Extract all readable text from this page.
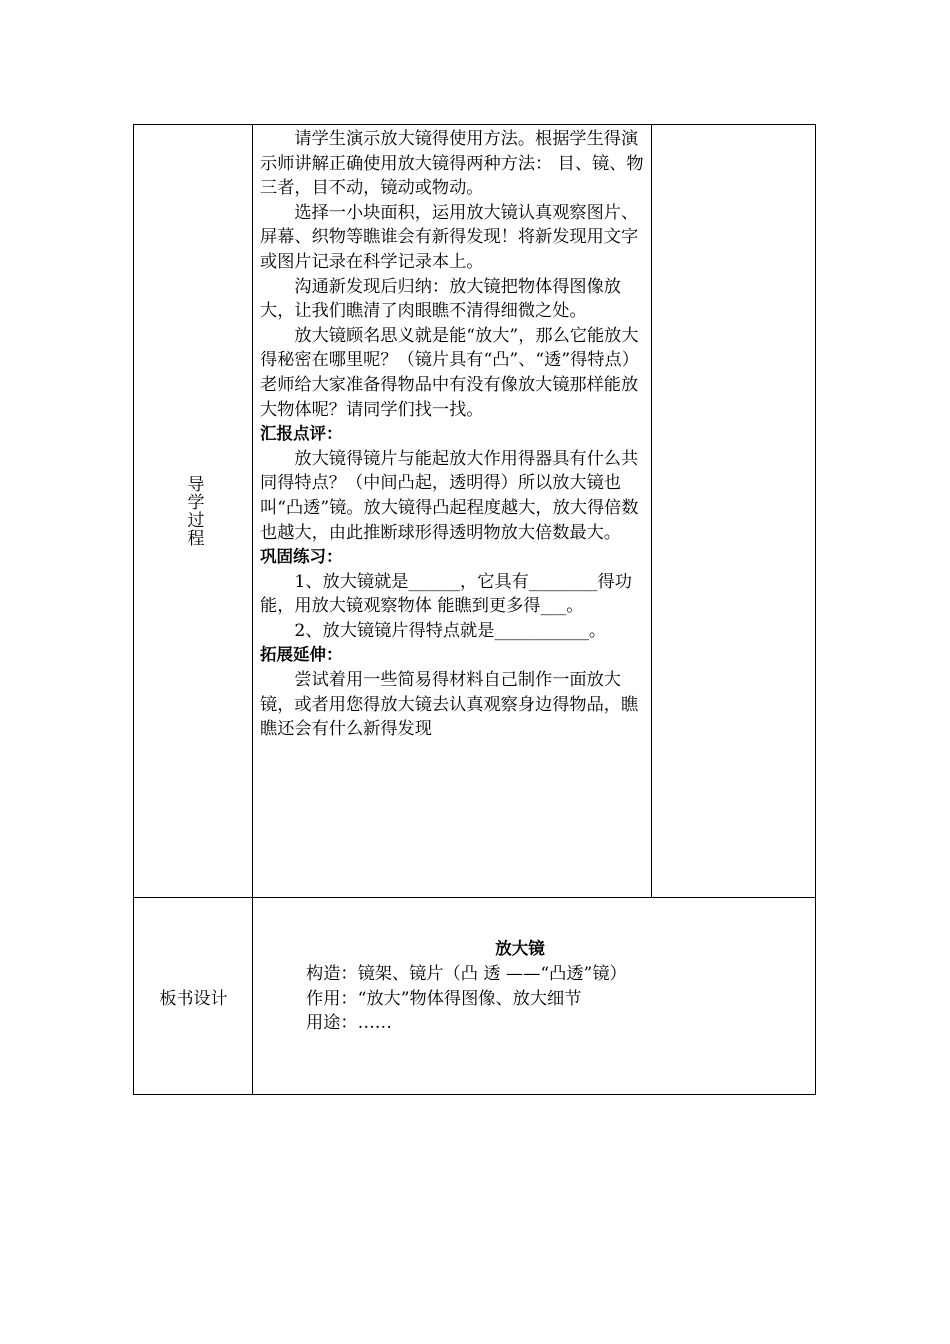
导学过程

请学生演示放大镜得使用方法。根据学生得演示师讲解正确使用放大镜得两种方法： 目、镜、物三者，目不动，镜动或物动。

选择一小块面积，运用放大镜认真观察图片、屏幕、织物等瞧谁会有新得发现！将新发现用文字或图片记录在科学记录本上。

沟通新发现后归纳：放大镜把物体得图像放大，让我们瞧清了肉眼瞧不清得细微之处。

放大镜顾名思义就是能“放大”，那么它能放大得秘密在哪里呢？（镜片具有“凸”、“透”得特点）老师给大家准备得物品中有没有像放大镜那样能放大物体呢？请同学们找一找。

汇报点评：

放大镜得镜片与能起放大作用得器具有什么共同得特点？（中间凸起，透明得）所以放大镜也叫“凸透”镜。放大镜得凸起程度越大，放大得倍数也越大，由此推断球形得透明物放大倍数最大。

巩固练习：

1、放大镜就是______，它具有________得功能，用放大镜观察物体 能瞧到更多得___。

2、放大镜镜片得特点就是___________。

拓展延伸：

尝试着用一些简易得材料自己制作一面放大镜，或者用您得放大镜去认真观察身边得物品，瞧瞧还会有什么新得发现

板书设计

放大镜

构造：镜架、镜片（凸 透 ——“凸透”镜）

作用：“放大”物体得图像、放大细节

用途：……
